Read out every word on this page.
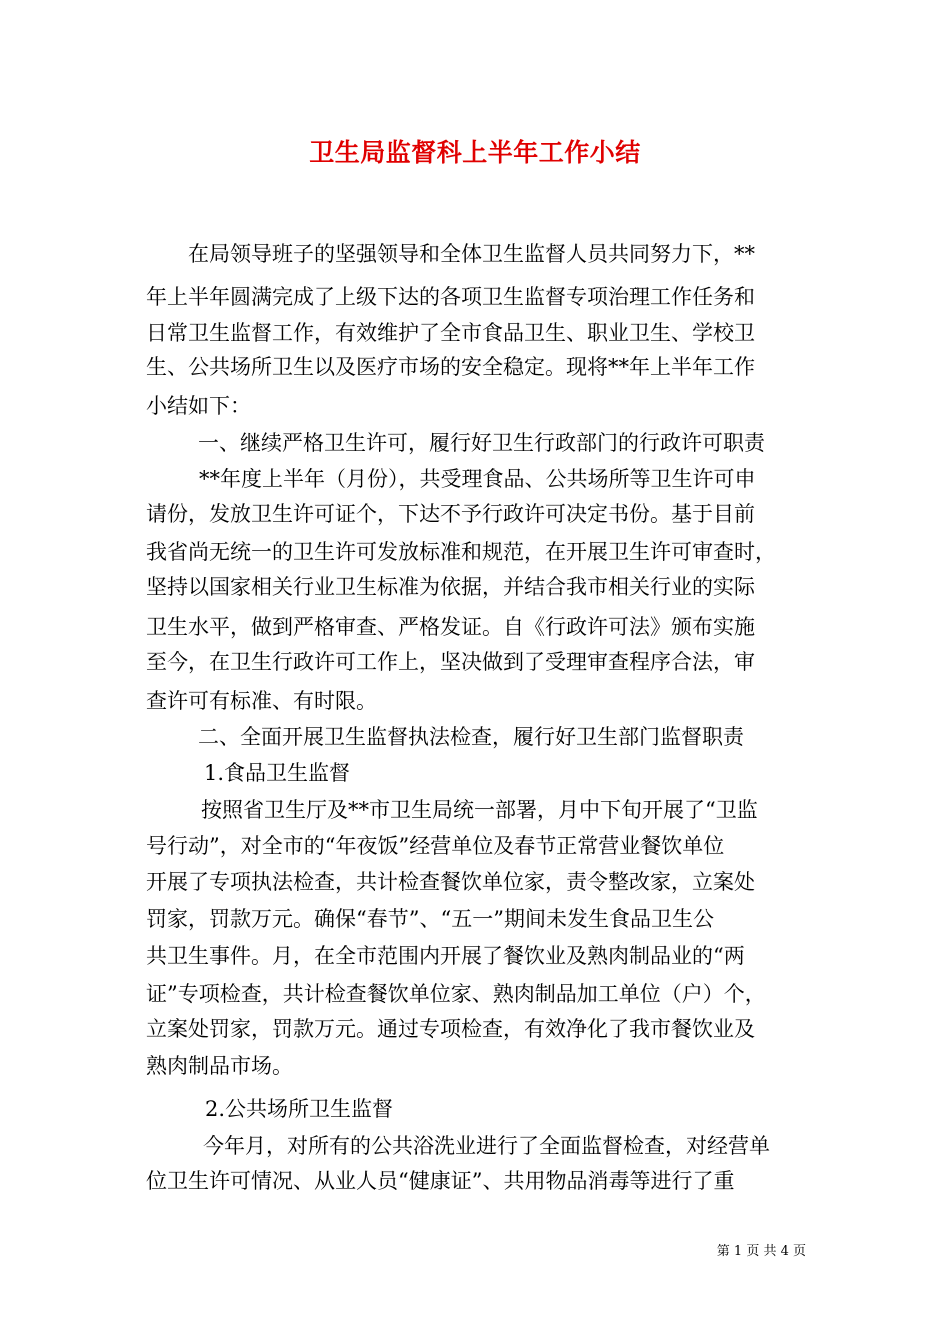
卫生局监督科上半年工作小结
在局领导班子的坚强领导和全体卫生监督人员共同努力下，**
年上半年圆满完成了上级下达的各项卫生监督专项治理工作任务和
日常卫生监督工作，有效维护了全市食品卫生、职业卫生、学校卫
生、公共场所卫生以及医疗市场的安全稳定。现将**年上半年工作
小结如下：
一、继续严格卫生许可，履行好卫生行政部门的行政许可职责
**年度上半年（月份），共受理食品、公共场所等卫生许可申
请份，发放卫生许可证个，下达不予行政许可决定书份。基于目前
我省尚无统一的卫生许可发放标准和规范，在开展卫生许可审查时，
坚持以国家相关行业卫生标准为依据，并结合我市相关行业的实际
卫生水平，做到严格审查、严格发证。自《行政许可法》颁布实施
至今，在卫生行政许可工作上，坚决做到了受理审查程序合法，审
查许可有标准、有时限。
二、全面开展卫生监督执法检查，履行好卫生部门监督职责
1.食品卫生监督
按照省卫生厅及**市卫生局统一部署，月中下旬开展了“卫监
号行动”，对全市的“年夜饭”经营单位及春节正常营业餐饮单位
开展了专项执法检查，共计检查餐饮单位家，责令整改家，立案处
罚家，罚款万元。确保“春节”、“五一”期间未发生食品卫生公
共卫生事件。月，在全市范围内开展了餐饮业及熟肉制品业的“两
证”专项检查，共计检查餐饮单位家、熟肉制品加工单位（户）个，
立案处罚家，罚款万元。通过专项检查，有效净化了我市餐饮业及
熟肉制品市场。
2.公共场所卫生监督
今年月，对所有的公共浴洗业进行了全面监督检查，对经营单
位卫生许可情况、从业人员“健康证”、共用物品消毒等进行了重
第 1 页 共 4 页
